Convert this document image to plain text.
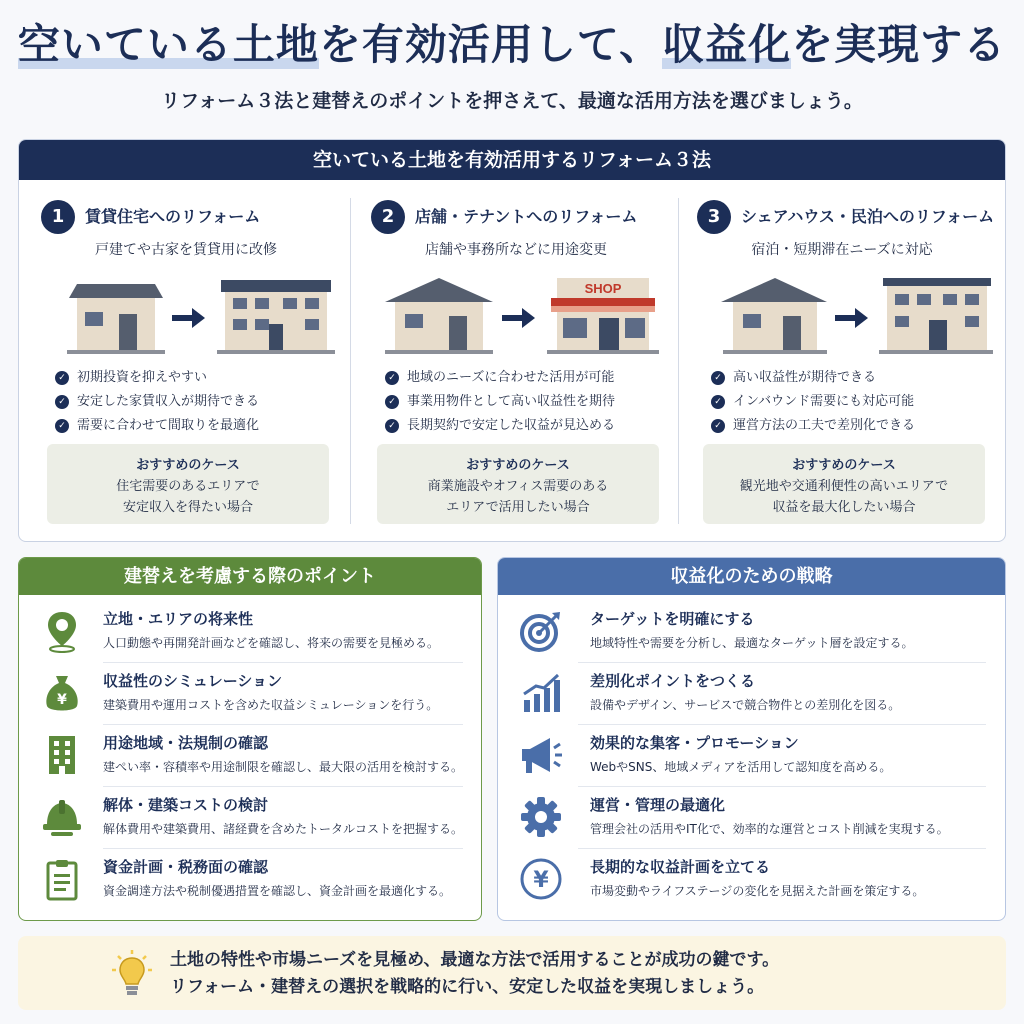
空いている土地を有効活用して、収益化を実現する
リフォーム３法と建替えのポイントを押さえて、最適な活用方法を選びましょう。
空いている土地を有効活用するリフォーム３法
1	賃貸住宅へのリフォーム
戸建てや古家を賃貸用に改修
✓ 初期投資を抑えやすい
✓ 安定した家賃収入が期待できる
✓ 需要に合わせて間取りを最適化
おすすめのケース
住宅需要のあるエリアで
安定収入を得たい場合
2	店舗・テナントへのリフォーム
店舗や事務所などに用途変更
SHOP
✓ 地域のニーズに合わせた活用が可能
✓ 事業用物件として高い収益性を期待
✓ 長期契約で安定した収益が見込める
おすすめのケース
商業施設やオフィス需要のある
エリアで活用したい場合
3	シェアハウス・民泊へのリフォーム
宿泊・短期滞在ニーズに対応
✓ 高い収益性が期待できる
✓ インバウンド需要にも対応可能
✓ 運営方法の工夫で差別化できる
おすすめのケース
観光地や交通利便性の高いエリアで
収益を最大化したい場合
建替えを考慮する際のポイント
立地・エリアの将来性
人口動態や再開発計画などを確認し、将来の需要を見極める。
¥
収益性のシミュレーション
建築費用や運用コストを含めた収益シミュレーションを行う。
用途地域・法規制の確認
建ぺい率・容積率や用途制限を確認し、最大限の活用を検討する。
解体・建築コストの検討
解体費用や建築費用、諸経費を含めたトータルコストを把握する。
資金計画・税務面の確認
資金調達方法や税制優遇措置を確認し、資金計画を最適化する。
収益化のための戦略
ターゲットを明確にする
地域特性や需要を分析し、最適なターゲット層を設定する。
差別化ポイントをつくる
設備やデザイン、サービスで競合物件との差別化を図る。
効果的な集客・プロモーション
WebやSNS、地域メディアを活用して認知度を高める。
運営・管理の最適化
管理会社の活用やIT化で、効率的な運営とコスト削減を実現する。
¥
長期的な収益計画を立てる
市場変動やライフステージの変化を見据えた計画を策定する。
土地の特性や市場ニーズを見極め、最適な方法で活用することが成功の鍵です。
リフォーム・建替えの選択を戦略的に行い、安定した収益を実現しましょう。
